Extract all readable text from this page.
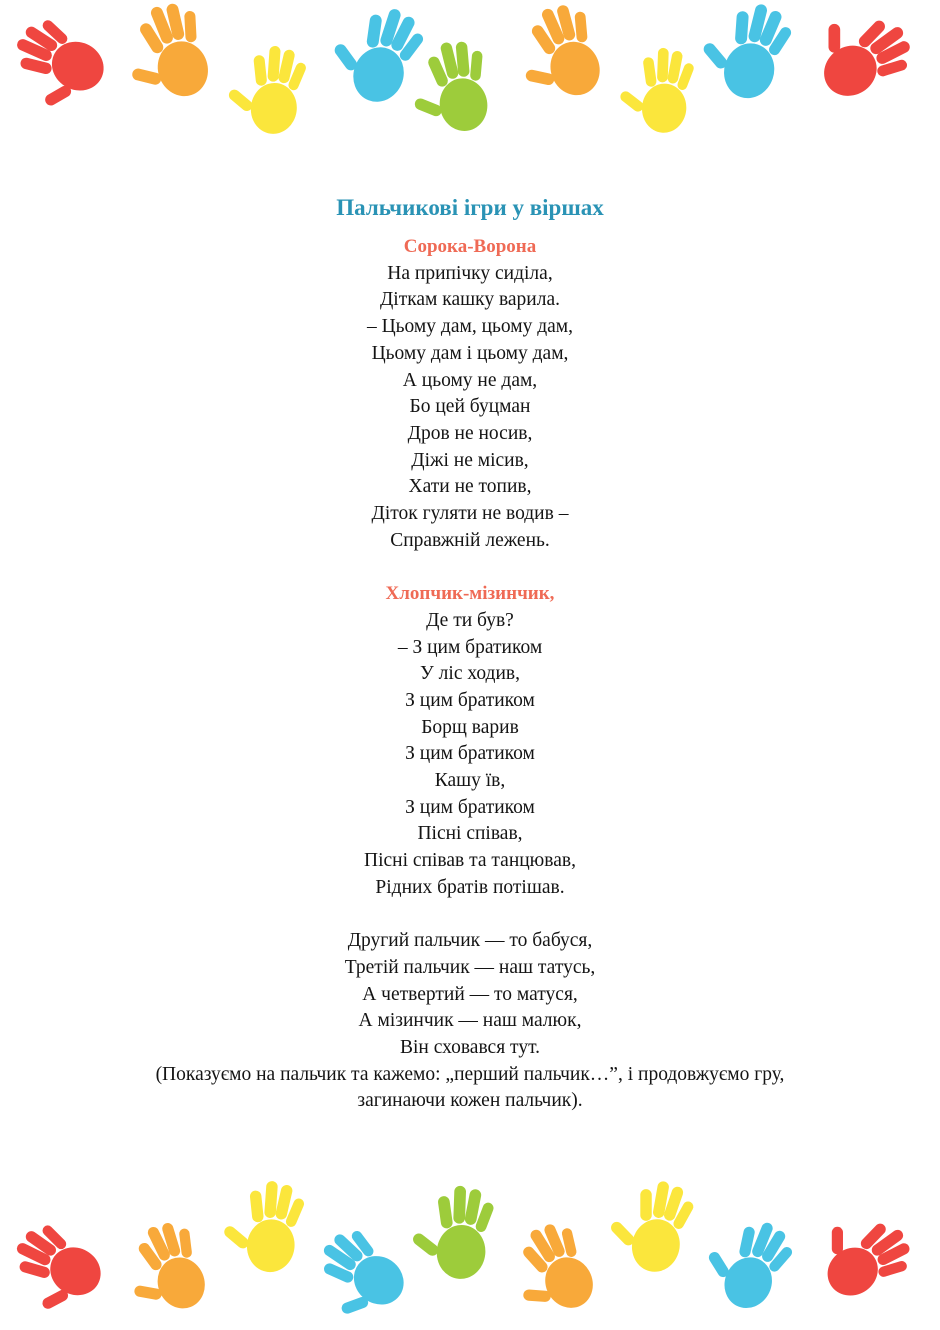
Пальчикові ігри у віршах
Сорока-Ворона
На припічку сиділа,
Діткам кашку варила.
– Цьому дам, цьому дам,
Цьому дам і цьому дам,
А цьому не дам,
Бо цей буцман
Дров не носив,
Діжі не місив,
Хати не топив,
Діток гуляти не водив –
Справжній лежень.
Хлопчик-мізинчик,
Де ти був?
– З цим братиком
У ліс ходив,
З цим братиком
Борщ варив
З цим братиком
Кашу їв,
З цим братиком
Пісні співав,
Пісні співав та танцював,
Рідних братів потішав.
Другий пальчик — то бабуся,
Третій пальчик — наш татусь,
А четвертий — то матуся,
А мізинчик — наш малюк,
Він сховався тут.
(Показуємо на пальчик та кажемо: „перший пальчик…”, і продовжуємо гру,
загинаючи кожен пальчик).
